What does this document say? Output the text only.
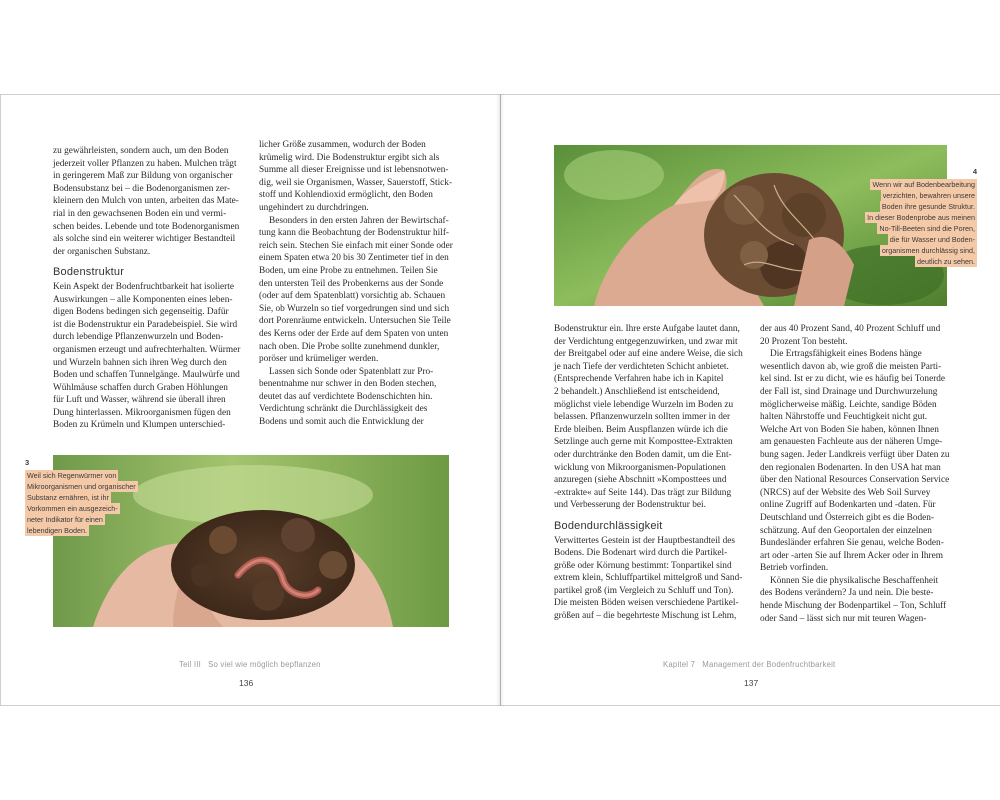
zu gewährleisten, sondern auch, um den Boden
jederzeit voller Pflanzen zu haben. Mulchen trägt
in geringerem Maß zur Bildung von organischer
Bodensubstanz bei – die Bodenorganismen zer-
kleinern den Mulch von unten, arbeiten das Mate-
rial in den gewachsenen Boden ein und vermi-
schen beides. Lebende und tote Bodenorganismen
als solche sind ein weiterer wichtiger Bestandteil
der organischen Substanz.

Bodenstruktur

Kein Aspekt der Bodenfruchtbarkeit hat isolierte
Auswirkungen – alle Komponenten eines leben-
digen Bodens bedingen sich gegenseitig. Dafür
ist die Bodenstruktur ein Paradebeispiel. Sie wird
durch lebendige Pflanzenwurzeln und Boden-
organismen erzeugt und aufrechterhalten. Würmer
und Wurzeln bahnen sich ihren Weg durch den
Boden und schaffen Tunnelgänge. Maulwürfe und
Wühlmäuse schaffen durch Graben Höhlungen
für Luft und Wasser, während sie überall ihren
Dung hinterlassen. Mikroorganismen fügen den
Boden zu Krümeln und Klumpen unterschied-

licher Größe zusammen, wodurch der Boden
krümelig wird. Die Bodenstruktur ergibt sich als
Summe all dieser Ereignisse und ist lebensnotwen-
dig, weil sie Organismen, Wasser, Sauerstoff, Stick-
stoff und Kohlendioxid ermöglicht, den Boden
ungehindert zu durchdringen.

Besonders in den ersten Jahren der Bewirtschaf-
tung kann die Beobachtung der Bodenstruktur hilf-
reich sein. Stechen Sie einfach mit einer Sonde oder
einem Spaten etwa 20 bis 30 Zentimeter tief in den
Boden, um eine Probe zu entnehmen. Teilen Sie
den untersten Teil des Probenkerns aus der Sonde
(oder auf dem Spatenblatt) vorsichtig ab. Schauen
Sie, ob Wurzeln so tief vorgedrungen sind und sich
dort Porenräume entwickeln. Untersuchen Sie Teile
des Kerns oder der Erde auf dem Spaten von unten
nach oben. Die Probe sollte zunehmend dunkler,
poröser und krümeliger werden.

Lassen sich Sonde oder Spatenblatt zur Pro-
benentnahme nur schwer in den Boden stechen,
deutet das auf verdichtete Bodenschichten hin.
Verdichtung schränkt die Durchlässigkeit des
Bodens und somit auch die Entwicklung der

3
Weil sich Regenwürmer von
Mikroorganismen und organischer
Substanz ernähren, ist ihr
Vorkommen ein ausgezeich-
neter Indikator für einen
lebendigen Boden.
Teil III So viel wie möglich bepflanzen
136
4
Wenn wir auf Bodenbearbeitung
verzichten, bewahren unsere
Boden ihre gesunde Struktur.
In dieser Bodenprobe aus meinen
No-Till-Beeten sind die Poren,
die für Wasser und Boden-
organismen durchlässig sind,
deutlich zu sehen.

Bodenstruktur ein. Ihre erste Aufgabe lautet dann,
der Verdichtung entgegenzuwirken, und zwar mit
der Breitgabel oder auf eine andere Weise, die sich
je nach Tiefe der verdichteten Schicht anbietet.
(Entsprechende Verfahren habe ich in Kapitel
2 behandelt.) Anschließend ist entscheidend,
möglichst viele lebendige Wurzeln im Boden zu
belassen. Pflanzenwurzeln sollten immer in der
Erde bleiben. Beim Auspflanzen würde ich die
Setzlinge auch gerne mit Komposttee-Extrakten
oder durchtränke den Boden damit, um die Ent-
wicklung von Mikroorganismen-Populationen
anzuregen (siehe Abschnitt »Komposttees und
-extrakte« auf Seite 144). Das trägt zur Bildung
und Verbesserung der Bodenstruktur bei.

Bodendurchlässigkeit

Verwittertes Gestein ist der Hauptbestandteil des
Bodens. Die Bodenart wird durch die Partikel-
größe oder Körnung bestimmt: Tonpartikel sind
extrem klein, Schluffpartikel mittelgroß und Sand-
partikel groß (im Vergleich zu Schluff und Ton).
Die meisten Böden weisen verschiedene Partikel-
größen auf – die begehrteste Mischung ist Lehm,

der aus 40 Prozent Sand, 40 Prozent Schluff und
20 Prozent Ton besteht.

Die Ertragsfähigkeit eines Bodens hänge
wesentlich davon ab, wie groß die meisten Parti-
kel sind. Ist er zu dicht, wie es häufig bei Tonerde
der Fall ist, sind Drainage und Durchwurzelung
möglicherweise mäßig. Leichte, sandige Böden
halten Nährstoffe und Feuchtigkeit nicht gut.
Welche Art von Boden Sie haben, können Ihnen
am genauesten Fachleute aus der näheren Umge-
bung sagen. Jeder Landkreis verfügt über Daten zu
den regionalen Bodenarten. In den USA hat man
über den National Resources Conservation Service
(NRCS) auf der Website des Web Soil Survey
online Zugriff auf Bodenkarten und -daten. Für
Deutschland und Österreich gibt es die Boden-
schätzung. Auf den Geoportalen der einzelnen
Bundesländer erfahren Sie genau, welche Boden-
art oder -arten Sie auf Ihrem Acker oder in Ihrem
Betrieb vorfinden.

Können Sie die physikalische Beschaffenheit
des Bodens verändern? Ja und nein. Die beste-
hende Mischung der Bodenpartikel – Ton, Schluff
oder Sand – lässt sich nur mit teuren Wagen-

Kapitel 7 Management der Bodenfruchtbarkeit
137
